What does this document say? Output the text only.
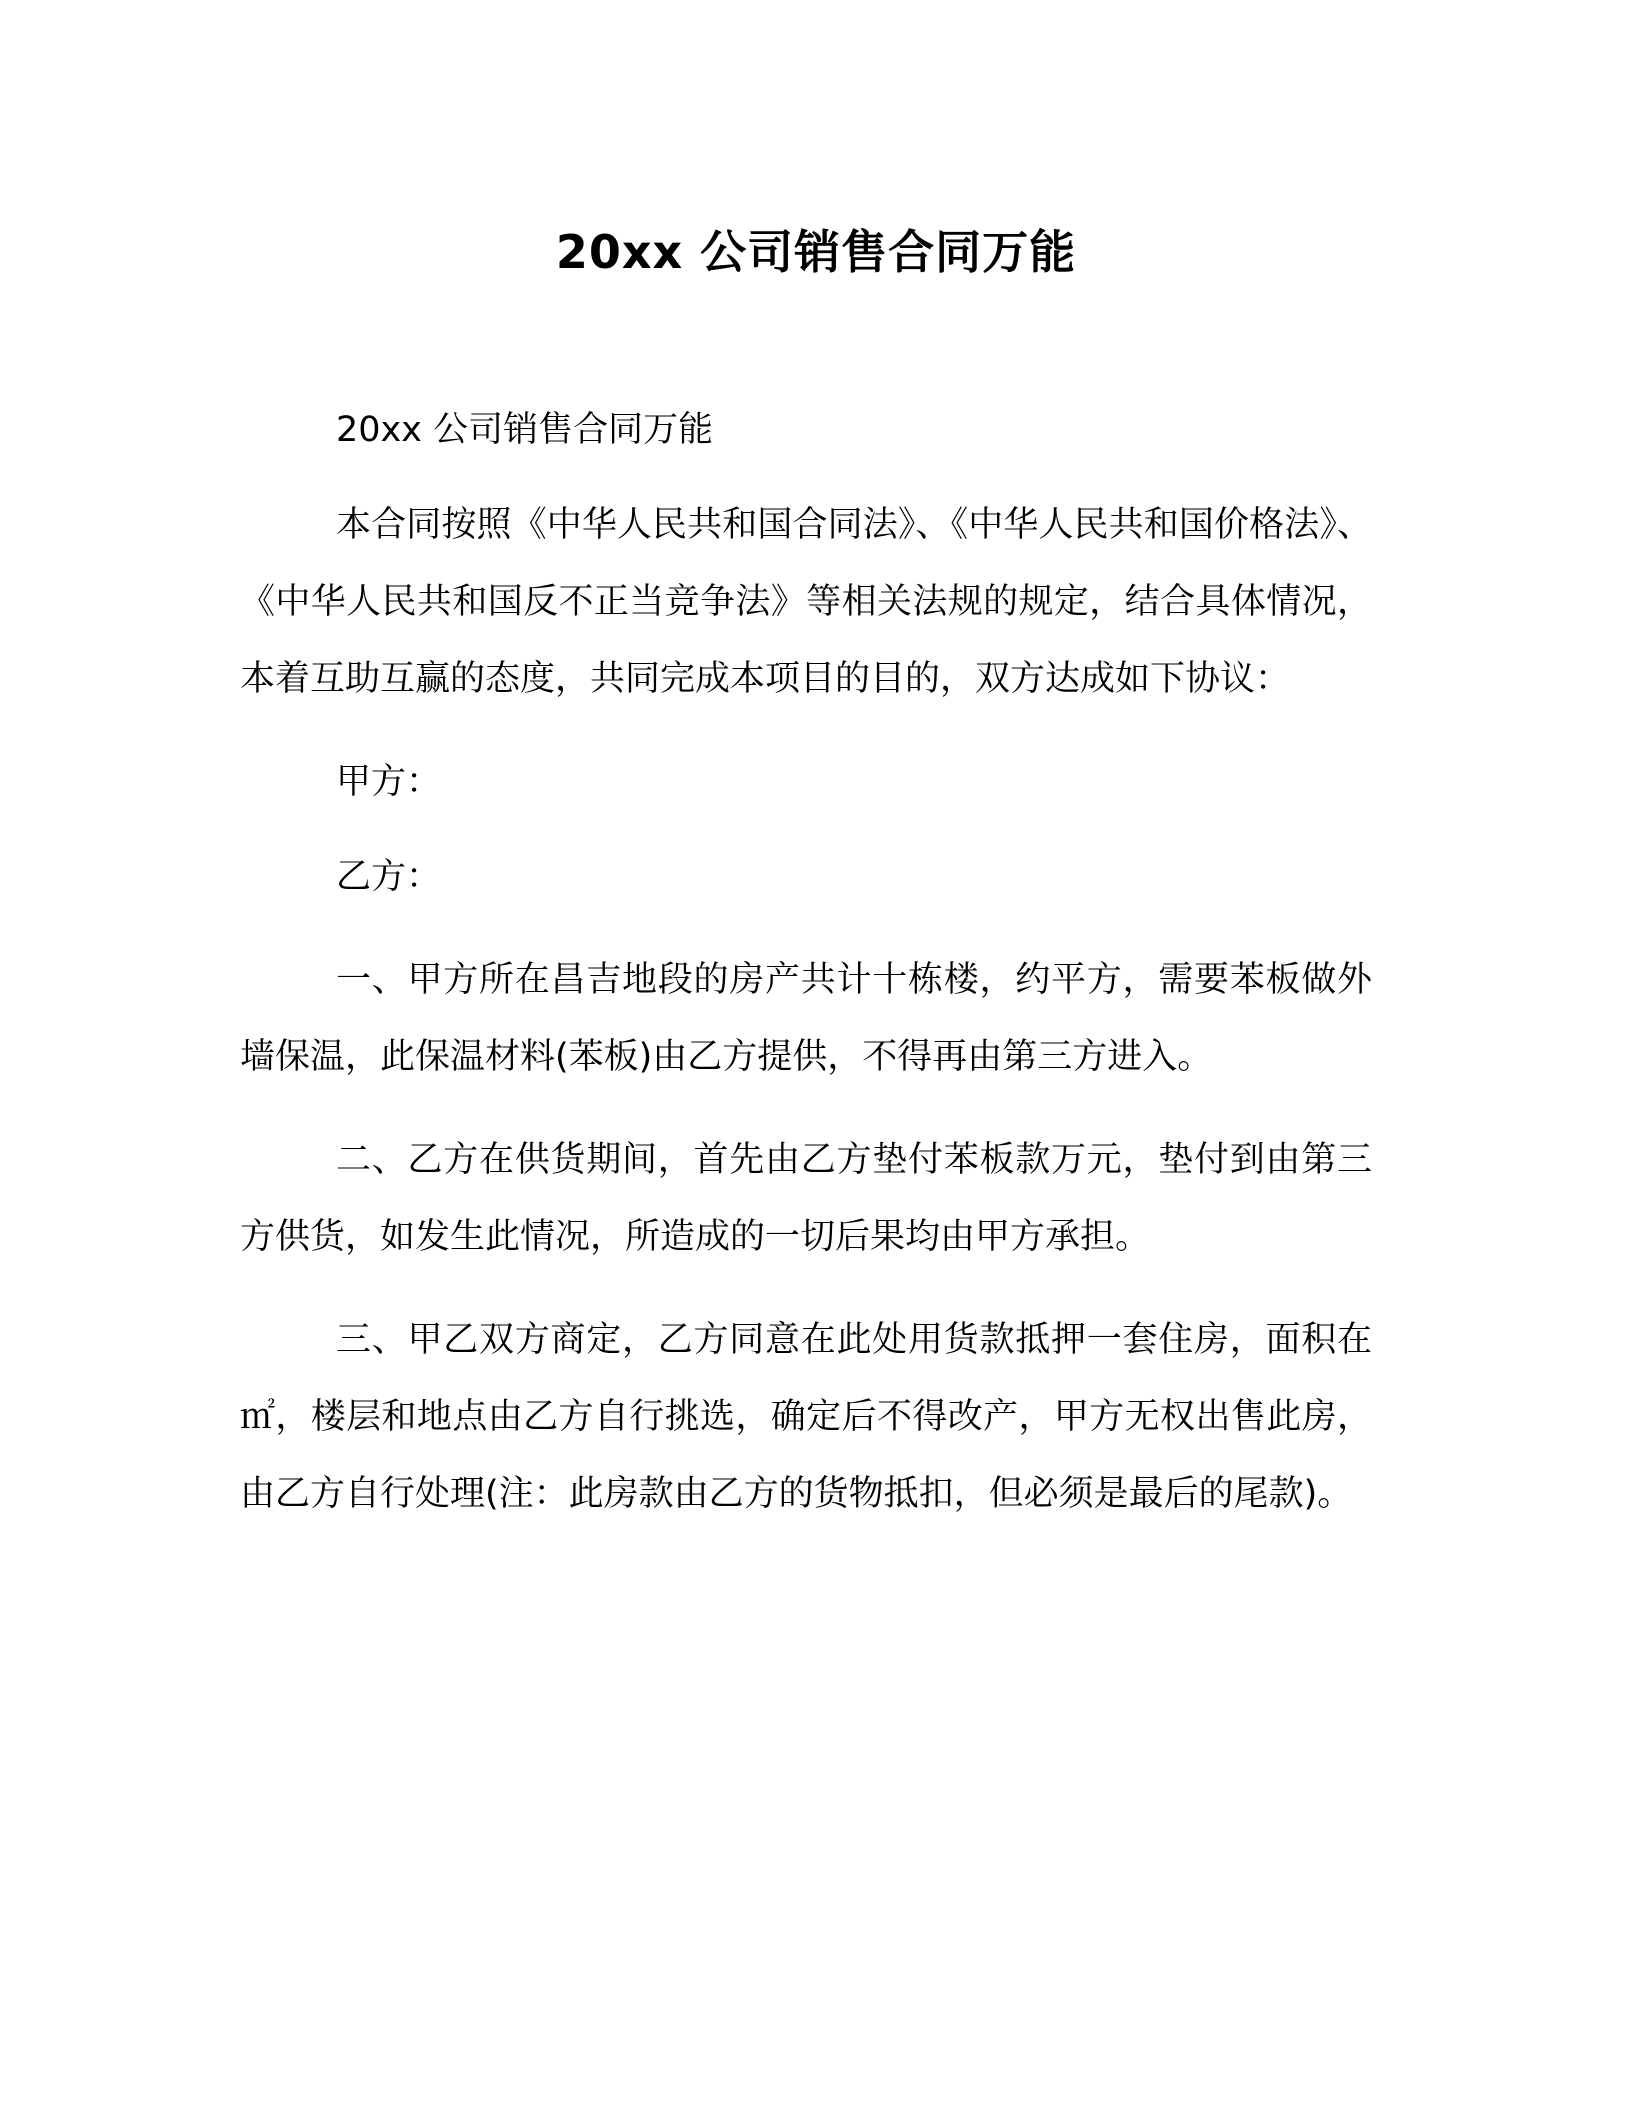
20xx 公司销售合同万能

20xx 公司销售合同万能

本合同按照《中华人民共和国合同法》、《中华人民共和国价格法》、《中华人民共和国反不正当竞争法》等相关法规的规定，结合具体情况，本着互助互赢的态度，共同完成本项目的目的，双方达成如下协议：

甲方：

乙方：

一、甲方所在昌吉地段的房产共计十栋楼，约平方，需要苯板做外墙保温，此保温材料(苯板)由乙方提供，不得再由第三方进入。

二、乙方在供货期间，首先由乙方垫付苯板款万元，垫付到由第三方供货，如发生此情况，所造成的一切后果均由甲方承担。

三、甲乙双方商定，乙方同意在此处用货款抵押一套住房，面积在㎡，楼层和地点由乙方自行挑选，确定后不得改产，甲方无权出售此房，由乙方自行处理(注：此房款由乙方的货物抵扣，但必须是最后的尾款)。
